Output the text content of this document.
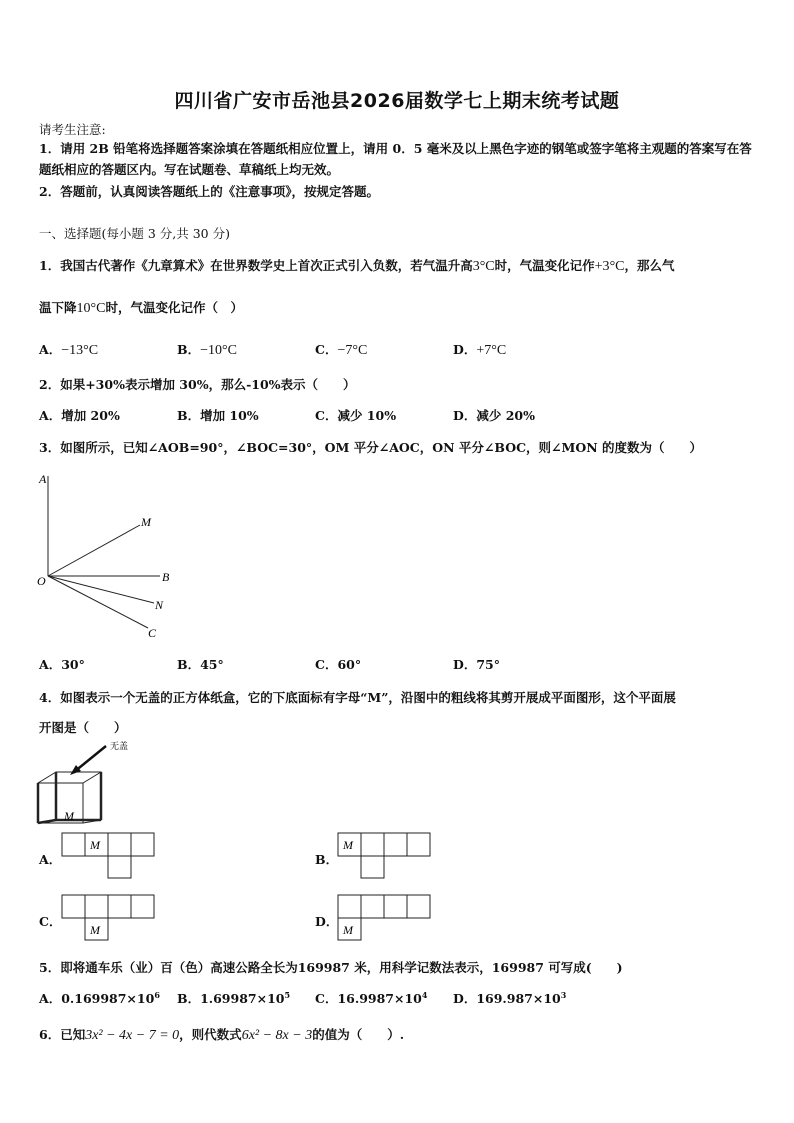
四川省广安市岳池县2026届数学七上期末统考试题
请考生注意:
1．请用 2B 铅笔将选择题答案涂填在答题纸相应位置上，请用 0．5 毫米及以上黑色字迹的钢笔或签字笔将主观题的答案写在答题纸相应的答题区内。写在试题卷、草稿纸上均无效。
2．答题前，认真阅读答题纸上的《注意事项》，按规定答题。
一、选择题(每小题 3 分,共 30 分)
1．我国古代著作《九章算术》在世界数学史上首次正式引入负数，若气温升高3°C时，气温变化记作+3°C，那么气
温下降10°C时，气温变化记作（　）
A．−13°C	B．−10°C	C．−7°C	D．+7°C
2．如果+30%表示增加 30%，那么-10%表示（　　）
A．增加 20%	B．增加 10%	C．减少 10%	D．减少 20%
3．如图所示，已知∠AOB=90°，∠BOC=30°，OM 平分∠AOC，ON 平分∠BOC，则∠MON 的度数为（　　）
A
M
O	B
N
C
A．30°	B．45°	C．60°	D．75°
4．如图表示一个无盖的正方体纸盒，它的下底面标有字母“M”，沿图中的粗线将其剪开展成平面图形，这个平面展
开图是（　　）
无盖
M
A．
M
B．
M
C．
M
D．
M
5．即将通车乐（业）百（色）高速公路全长为169987 米，用科学记数法表示，169987 可写成(　　)
A．$0.169987\times 10^6$ B．$1.69987\times 10^5$ C．$16.9987\times 10^4$ D．$169.987\times 10^3$
6．已知3x² − 4x − 7 = 0，则代数式6x² − 8x − 3的值为（　　）.
